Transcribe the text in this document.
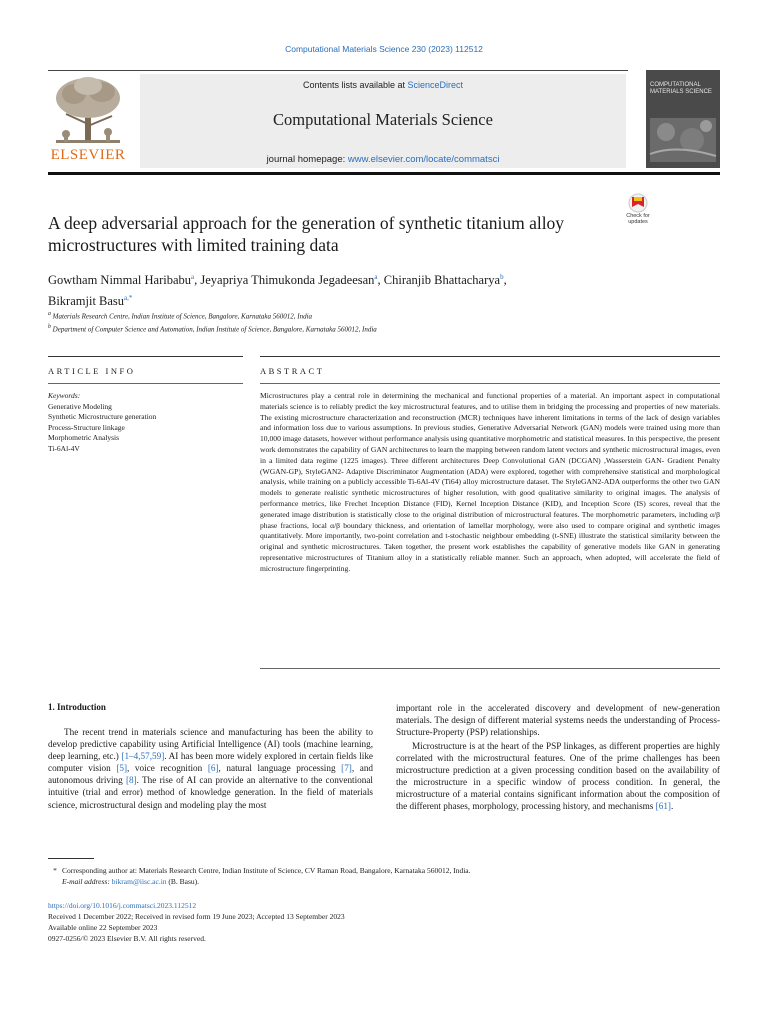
Computational Materials Science 230 (2023) 112512
ELSEVIER
Contents lists available at ScienceDirect
Computational Materials Science
journal homepage: www.elsevier.com/locate/commatsci
COMPUTATIONAL MATERIALS SCIENCE
A deep adversarial approach for the generation of synthetic titanium alloy microstructures with limited training data
Check for updates
Gowtham Nimmal Haribabu$^a$, Jeyapriya Thimukonda Jegadeesan$^a$, Chiranjib Bhattacharya$^b$,
Bikramjit Basu$^{a,*}$
$^a$ Materials Research Centre, Indian Institute of Science, Bangalore, Karnataka 560012, India
$^b$ Department of Computer Science and Automation, Indian Institute of Science, Bangalore, Karnataka 560012, India
ARTICLE INFO	ABSTRACT
Keywords:
Generative Modeling
Synthetic Microstructure generation
Process-Structure linkage
Morphometric Analysis
Ti-6Al-4V
Microstructures play a central role in determining the mechanical and functional properties of a material. An important aspect in computational materials science is to reliably predict the key microstructural features, and to utilise them in bridging the processing and properties of new materials. The existing microstructure characterization and reconstruction (MCR) techniques have inherent limitations in terms of the lack of design variables and information loss due to various assumptions. In previous studies, Generative Adversarial Network (GAN) models were trained using more than 10,000 image datasets, however without performance analysis using quantitative morphometric and statistical measures. In this perspective, the present work demonstrates the capability of GAN architectures to learn the mapping between random latent vectors and synthetic microstructural images, even in a limited data regime (1225 images). Three different architectures Deep Convolutional GAN (DCGAN) ,Wasserstein GAN- Gradient Penalty (WGAN-GP), StyleGAN2- Adaptive Discriminator Augmentation (ADA) were explored, together with comprehensive statistical and morphological analysis, while training on a publicly accessible Ti-6Al-4V (Ti64) alloy microstructure dataset. The StyleGAN2-ADA outperforms the other two GAN models to generate realistic synthetic microstructures of higher resolution, with good qualitative similarity to original images. The analysis of performance metrics, like Frechet Inception Distance (FID), Kernel Inception Distance (KID), and Inception Score (IS) scores, reveal that the generated image distribution is statistically close to the original distribution of microstructural features. The morphometric parameters, including α/β phase fractions, local α/β boundary thickness, and orientation of lamellar morphology, were also used to compare original and synthetic images quantitatively. More importantly, two-point correlation and t-stochastic neighbour embedding (t-SNE) illustrate the statistical similarity between the original and synthetic microstructures. Taken together, the present work establishes the capability of generative models like GAN in generating representative microstructures of Titanium alloy in a statistically reliable manner. Such an approach, when adopted, will accelerate the field of microstructure fingerprinting.
1. Introduction
The recent trend in materials science and manufacturing has been the ability to develop predictive capability using Artificial Intelligence (AI) tools (machine learning, deep learning, etc.) [1–4,57,59]. AI has been more widely explored in certain fields like computer vision [5], voice recognition [6], natural language processing [7], and autonomous driving [8]. The rise of AI can provide an alternative to the conventional intuitive (trial and error) method of knowledge generation. In the field of materials science, microstructural design and modeling play the most
important role in the accelerated discovery and development of new-generation materials. The design of different material systems needs the understanding of Process-Structure-Property (PSP) relationships.
Microstructure is at the heart of the PSP linkages, as different properties are highly correlated with the microstructural features. One of the prime challenges has been microstructure prediction at a given processing condition based on the availability of the microstructure in a specific window of process condition. In general, the microstructure of a material contains significant information about the composition of the different phases, morphology, processing history, and mechanisms [61].
* Corresponding author at: Materials Research Centre, Indian Institute of Science, CV Raman Road, Bangalore, Karnataka 560012, India.
E-mail address: bikram@iisc.ac.in (B. Basu).
https://doi.org/10.1016/j.commatsci.2023.112512
Received 1 December 2022; Received in revised form 19 June 2023; Accepted 13 September 2023
Available online 22 September 2023
0927-0256/© 2023 Elsevier B.V. All rights reserved.
